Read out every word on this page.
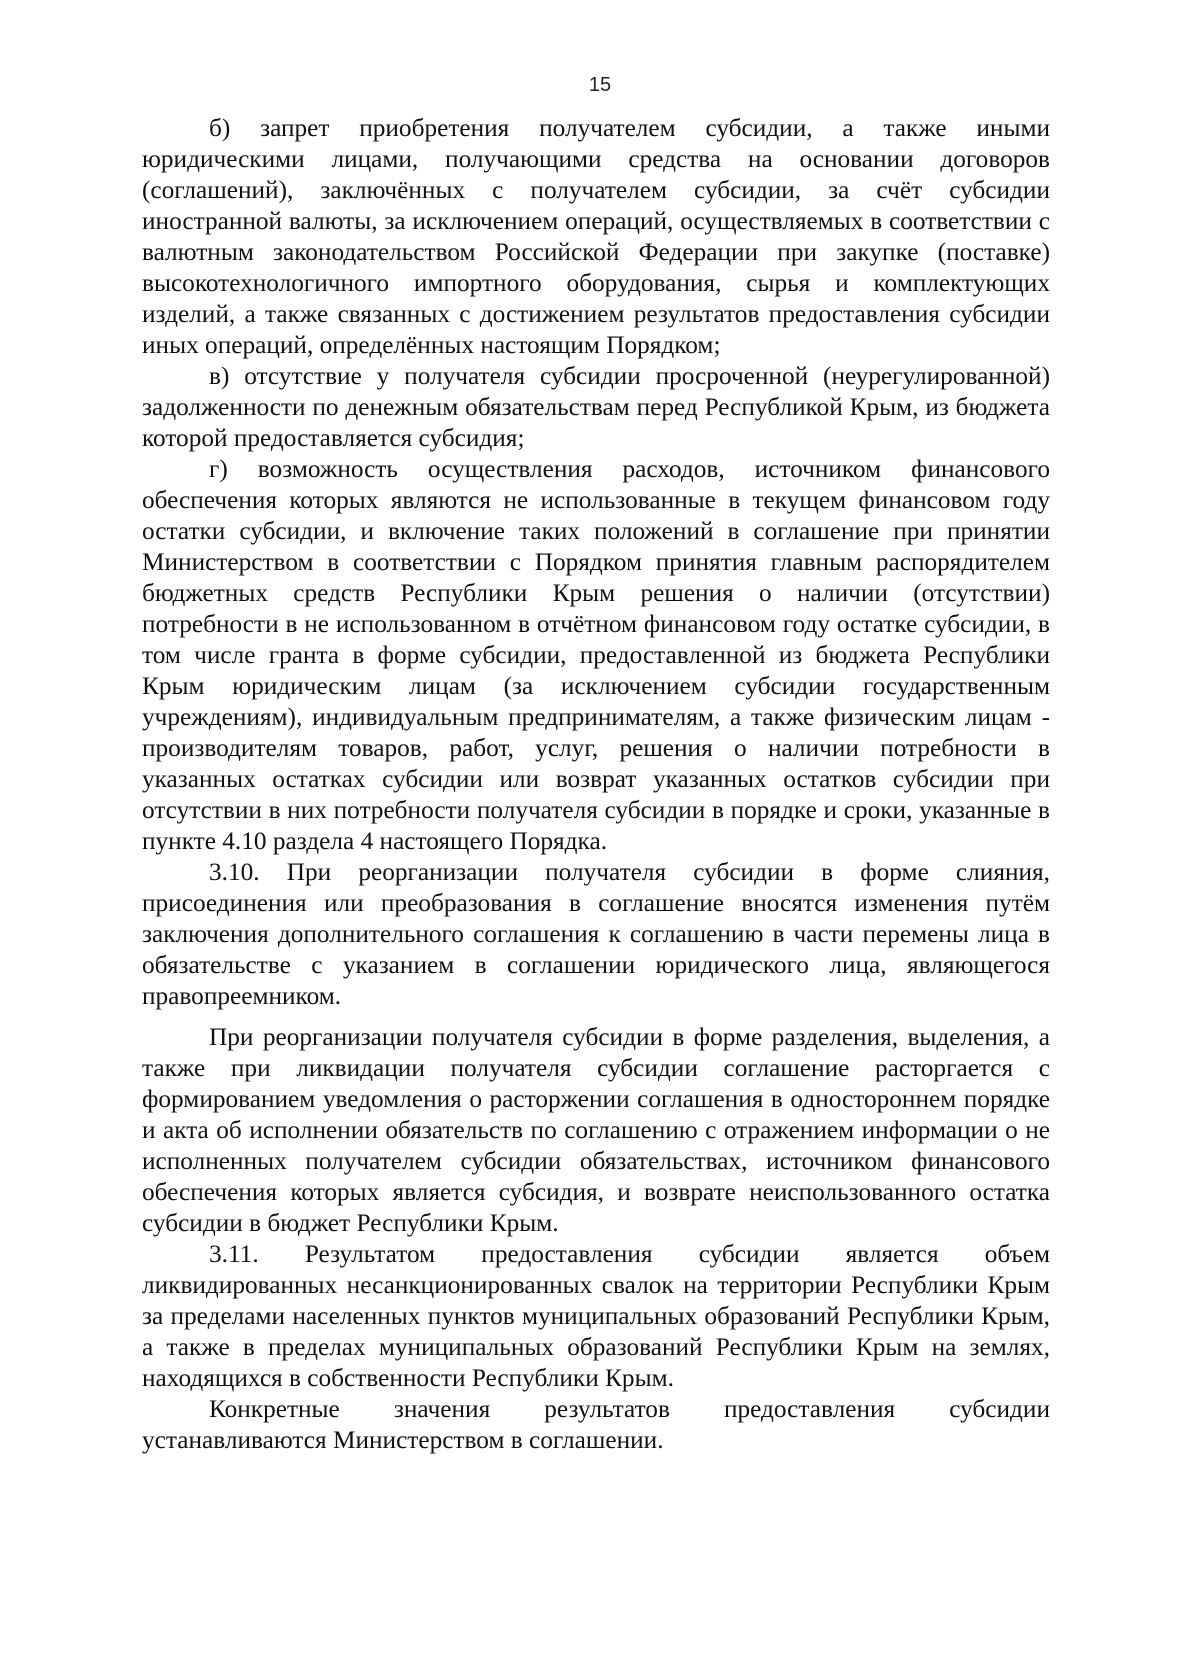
15

б) запрет приобретения получателем субсидии, а также иными юридическими лицами, получающими средства на основании договоров (соглашений), заключённых с получателем субсидии, за счёт субсидии иностранной валюты, за исключением операций, осуществляемых в соответствии с валютным законодательством Российской Федерации при закупке (поставке) высокотехнологичного импортного оборудования, сырья и комплектующих изделий, а также связанных с достижением результатов предоставления субсидии иных операций, определённых настоящим Порядком;

в) отсутствие у получателя субсидии просроченной (неурегулированной) задолженности по денежным обязательствам перед Республикой Крым, из бюджета которой предоставляется субсидия;

г) возможность осуществления расходов, источником финансового обеспечения которых являются не использованные в текущем финансовом году остатки субсидии, и включение таких положений в соглашение при принятии Министерством в соответствии с Порядком принятия главным распорядителем бюджетных средств Республики Крым решения о наличии (отсутствии) потребности в не использованном в отчётном финансовом году остатке субсидии, в том числе гранта в форме субсидии, предоставленной из бюджета Республики Крым юридическим лицам (за исключением субсидии государственным учреждениям), индивидуальным предпринимателям, а также физическим лицам - производителям товаров, работ, услуг, решения о наличии потребности в указанных остатках субсидии или возврат указанных остатков субсидии при отсутствии в них потребности получателя субсидии в порядке и сроки, указанные в пункте 4.10 раздела 4 настоящего Порядка.

3.10. При реорганизации получателя субсидии в форме слияния, присоединения или преобразования в соглашение вносятся изменения путём заключения дополнительного соглашения к соглашению в части перемены лица в обязательстве с указанием в соглашении юридического лица, являющегося правопреемником.

При реорганизации получателя субсидии в форме разделения, выделения, а также при ликвидации получателя субсидии соглашение расторгается с формированием уведомления о расторжении соглашения в одностороннем порядке и акта об исполнении обязательств по соглашению с отражением информации о не исполненных получателем субсидии обязательствах, источником финансового обеспечения которых является субсидия, и возврате неиспользованного остатка субсидии в бюджет Республики Крым.

3.11. Результатом предоставления субсидии является объем ликвидированных несанкционированных свалок на территории Республики Крым за пределами населенных пунктов муниципальных образований Республики Крым, а также в пределах муниципальных образований Республики Крым на землях, находящихся в собственности Республики Крым.

Конкретные значения результатов предоставления субсидии устанавливаются Министерством в соглашении.
